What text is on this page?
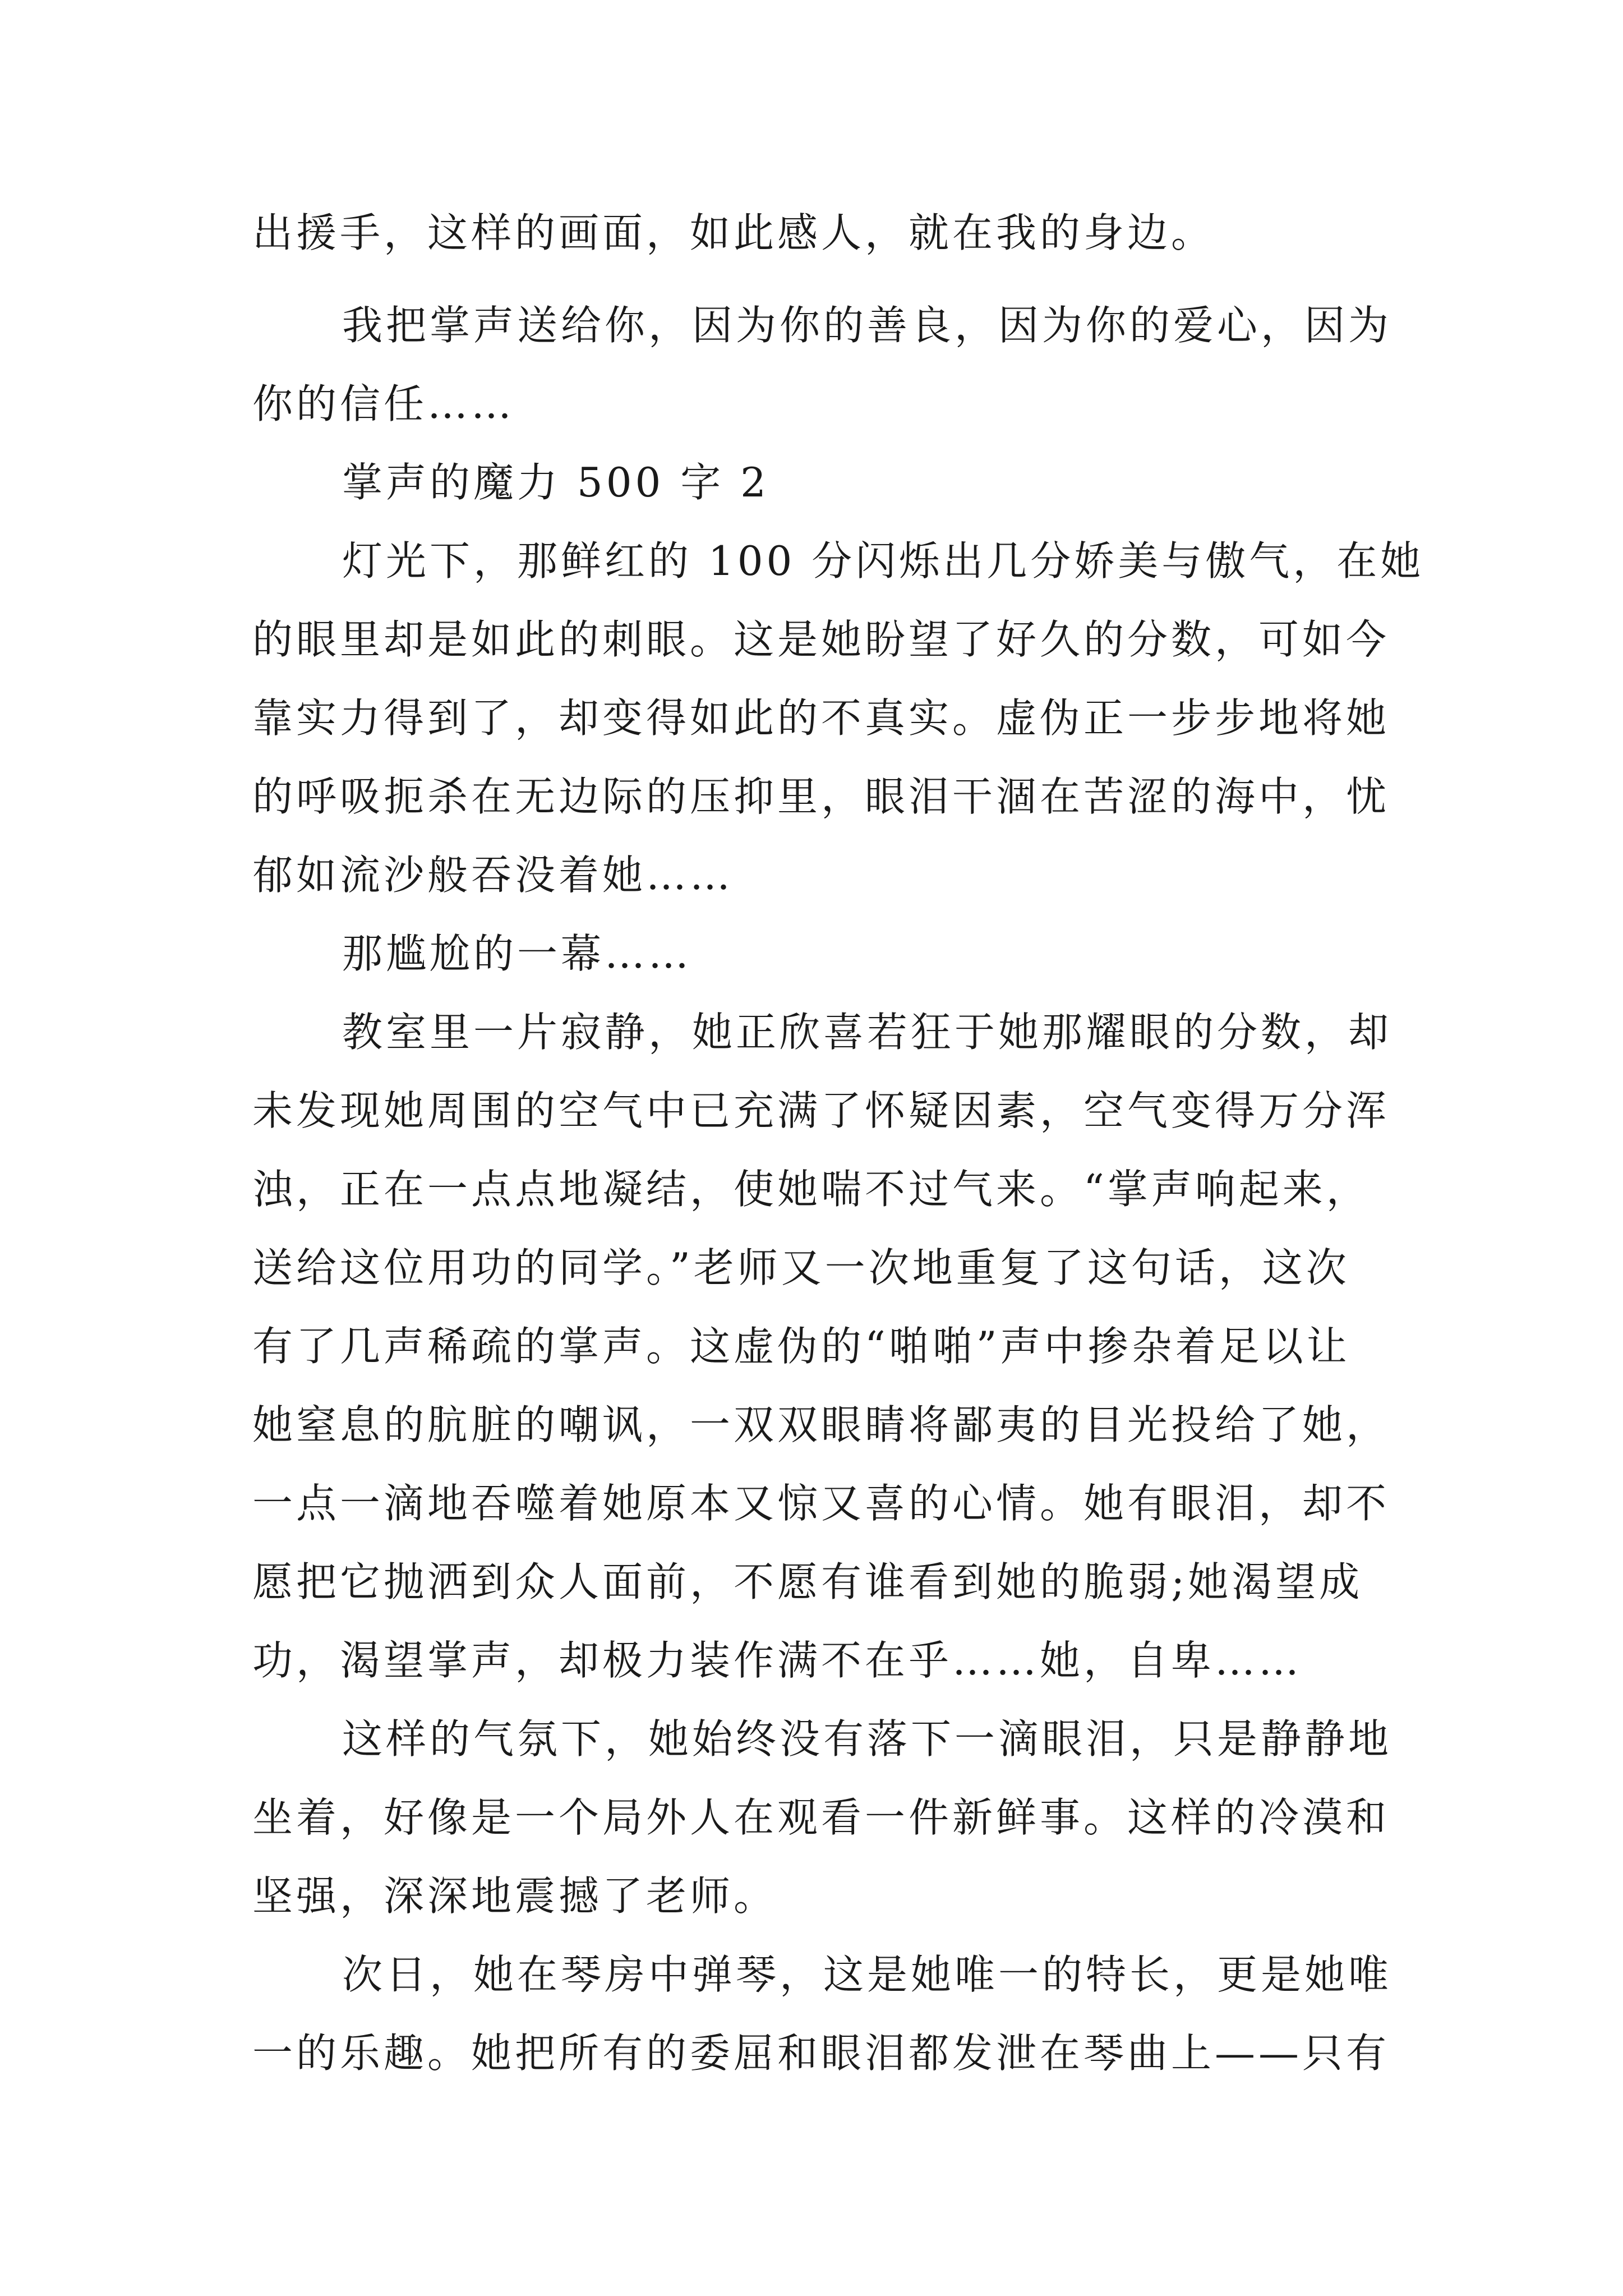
出援手，这样的画面，如此感人，就在我的身边。
我把掌声送给你，因为你的善良，因为你的爱心，因为
你的信任……
掌声的魔力 500 字 2
灯光下，那鲜红的 100 分闪烁出几分娇美与傲气，在她
的眼里却是如此的刺眼。这是她盼望了好久的分数，可如今
靠实力得到了，却变得如此的不真实。虚伪正一步步地将她
的呼吸扼杀在无边际的压抑里，眼泪干涸在苦涩的海中，忧
郁如流沙般吞没着她……
那尴尬的一幕……
教室里一片寂静，她正欣喜若狂于她那耀眼的分数，却
未发现她周围的空气中已充满了怀疑因素，空气变得万分浑
浊，正在一点点地凝结，使她喘不过气来。“掌声响起来，
送给这位用功的同学。”老师又一次地重复了这句话，这次
有了几声稀疏的掌声。这虚伪的“啪啪”声中掺杂着足以让
她窒息的肮脏的嘲讽，一双双眼睛将鄙夷的目光投给了她，
一点一滴地吞噬着她原本又惊又喜的心情。她有眼泪，却不
愿把它抛洒到众人面前，不愿有谁看到她的脆弱;她渴望成
功，渴望掌声，却极力装作满不在乎……她，自卑……
这样的气氛下，她始终没有落下一滴眼泪，只是静静地
坐着，好像是一个局外人在观看一件新鲜事。这样的冷漠和
坚强，深深地震撼了老师。
次日，她在琴房中弹琴，这是她唯一的特长，更是她唯
一的乐趣。她把所有的委屈和眼泪都发泄在琴曲上——只有
